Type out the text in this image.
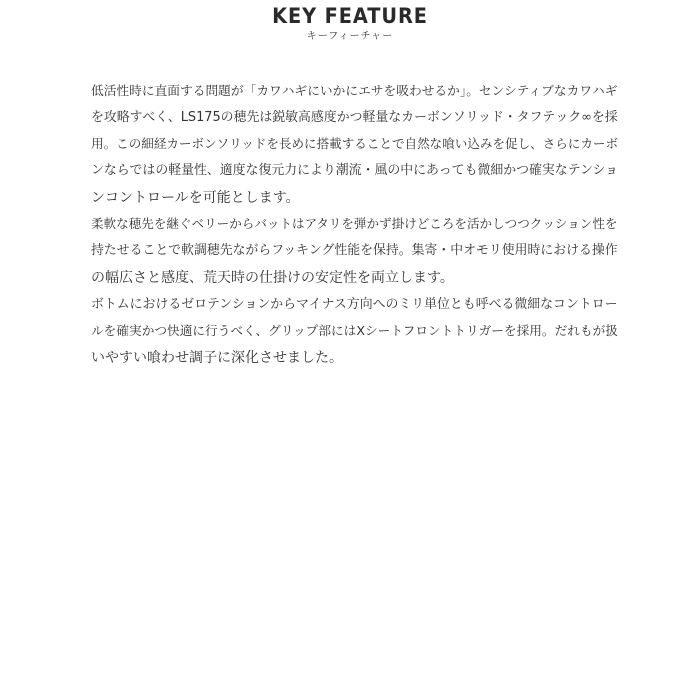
KEY FEATURE
キーフィーチャー
低活性時に直面する問題が「カワハギにいかにエサを吸わせるか」。センシティブなカワハギ
を攻略すべく、LS175の穂先は鋭敏高感度かつ軽量なカーボンソリッド・タフテック∞を採
用。この細経カーボンソリッドを長めに搭載することで自然な喰い込みを促し、さらにカーボ
ンならではの軽量性、適度な復元力により潮流・風の中にあっても微細かつ確実なテンショ
ンコントロールを可能とします。
柔軟な穂先を継ぐベリーからバットはアタリを弾かず掛けどころを活かしつつクッション性を
持たせることで軟調穂先ながらフッキング性能を保持。集寄・中オモリ使用時における操作
の幅広さと感度、荒天時の仕掛けの安定性を両立します。
ボトムにおけるゼロテンションからマイナス方向へのミリ単位とも呼べる微細なコントロー
ルを確実かつ快適に行うべく、グリップ部にはXシートフロントトリガーを採用。だれもが扱
いやすい喰わせ調子に深化させました。
